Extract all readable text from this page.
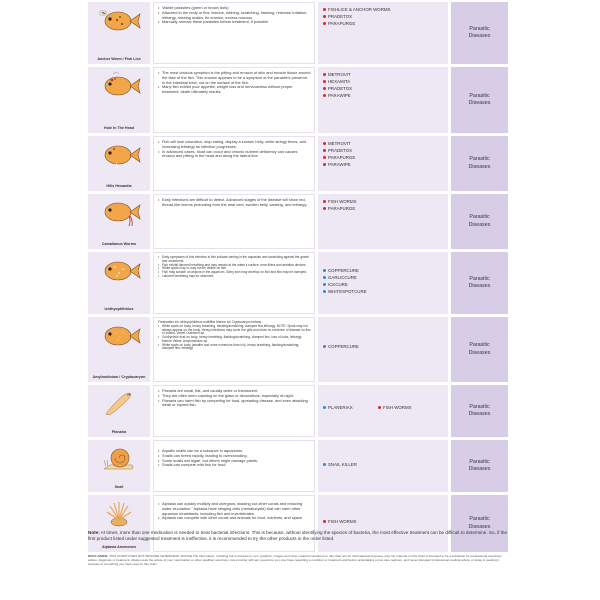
Anchor Worm / Fish Lice
• Visible parasites (green or brown dots)
• Attached to the body or fins: lesions, rubbing, scratching, flashing, redness/ irritation, lethargy, missing scales, fin erosion, excess mucous.
• Manually remove these parasites before treatment, if possible.
FISHLICE & ANCHOR WORMS
PRADETOX
PARAPURGE
Parasitic Diseases
Hole In The Head
• The most obvious symptom is the pitting and erosion of skin and muscle tissue around the face of the fish. This erosion appears to be a symptom of the parasite's presence in the intestinal tract, not on the surface of the fish.
• Many fish exhibit poor appetite, weight loss and nervousness without proper treatment, death ultimately results.
METROVIT
HEXAMITA
PRADETOX
PARAWIPE	Parasitic Diseases
Hills Hexamita
• Fish will lose coloration, stop eating, display a sunken belly, white stringy feces, and increasing lethargy as infection progresses.
• In advanced cases, bloat can occur and chronic nutrient deficiency can causes erosion and pitting in the head and along the lateral line.
METROVIT
PRADETOX
PARAPURGE
PARAWIPE
Parasitic Diseases
Camallanus Worms
• Early infections are difficult to detect. Advanced stages of the disease will show red, thread-like worms protruding from the anal vent, swollen belly, wasting, and lethargy.
FISH WORMX
PARAPURGE
Parasitic Diseases
Ichthyophthirius
• Early symptoms of this infection is fish indicate darting in the aquarium and scratching against the gravel and ornaments.
• Fish exhibit labored breathing and may remain at the water's surface, near filters and aeration devices.
• White spots may or may not be visible on fish.
• Fish may scratch on objects in the aquarium. Slimy skin may develop on fish and fins may be clamped.
• Labored breathing may be observed.
COPPERCURE
GARLICCURE
ICKCURE
WHITESPOTCURE
Parasitic Diseases
Amyloodinium / Cryptocaryon
Freshwater ich-Ichthyophthirius multifiliis Marine ich Cryptocaryon irritans :
• White spots on body, heavy breathing, flashing/scratching, clamped fins,lethargy. NOTE: Spots may not always appear on the body. Heavy infections may cover the gills and show no evidence of disease on fins or scales. Velvet Oodinium sp.
• Gold/yellow dust on body, heavy breathing, flashing/scratching, clamped fins, loss of color, lethargy. Marine Velvet: Amyloodinium sp.
• White spots on body (smaller and more numerous than ich), heavy breathing, flashing/scratching, clamped fins, lethargy	COPPERCURE	Parasitic Diseases
Planaria
• Planaria are small, flat, and usually white or translucent.
• They are often seen crawling on the glass or decorations, especially at night.
• Planaria can harm fish by competing for food, spreading disease, and even attacking weak or injured fish.
PLANERIAX	FISH WORMX	Parasitic Diseases
Snail
• Aquatic snails can be a nuisance in aquariums.
• Snails can breed rapidly, leading to overcrowding.
• Some snails eat algae, but others might damage plants.
• Snails can compete with fish for food.	SNAIL KILLER	Parasitic Diseases
Aiptasia Anemones
• Aiptasia can quickly multiply and overgrow, shading out other corals and reducing water circulation." Aiptasia have stinging cells (nematocysts) that can harm other aquarium inhabitants, including fish and invertebrates.
• Aiptasia can compete with other corals and animals for food, nutrients, and space
FISH WORMX	Parasitic Diseases
Note: At times, more than one medication is needed to treat bacterial infections. This is because, without identifying the species of bacteria, the most effective treatment can be difficult to determine. So, if the first product listed under suggested treatment is ineffective, it is recommended to try the other products in the order listed.
DISCLAIMER: THIS CHART DOES NOT PROVIDE VETERINARY ADVICE The information, including but not limited to, text, graphics, images and other material contained on this chart are for informational purposes only. No material on this chart is intended to be a substitute for professional veterinary advice, diagnosis or treatment. Always seek the advice of your veterinarian or other qualified veterinary care provider with any questions you may have regarding a condition or treatment and before undertaking a new care regimen, and never disregard professional medical advice or delay in seeking it because of something you have read on this chart.
